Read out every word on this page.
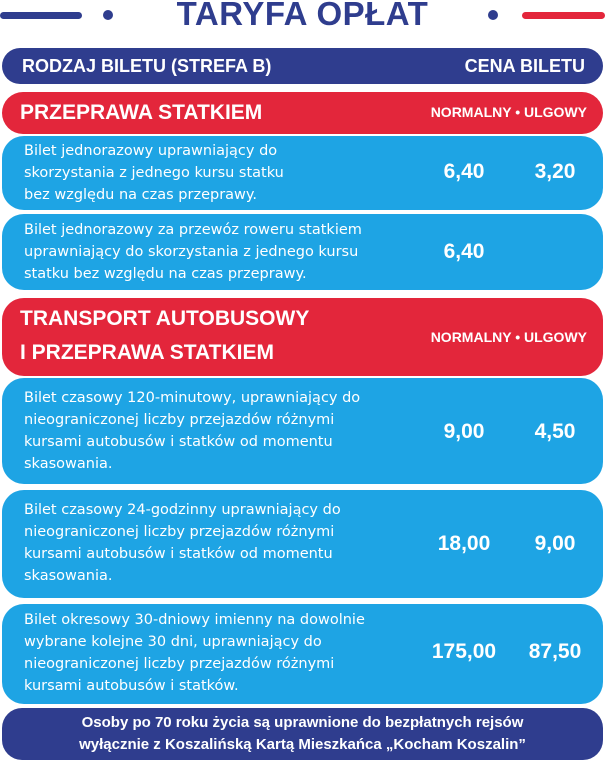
TARYFA OPŁAT
RODZAJ BILETU (STREFA B)	CENA BILETU
PRZEPRAWA STATKIEM	NORMALNY • ULGOWY
Bilet jednorazowy uprawniający do
skorzystania z jednego kursu statku
bez względu na czas przeprawy.
6,40	3,20
Bilet jednorazowy za przewóz roweru statkiem
uprawniający do skorzystania z jednego kursu
statku bez względu na czas przeprawy.
6,40
TRANSPORT AUTOBUSOWY
I PRZEPRAWA STATKIEM
NORMALNY • ULGOWY
Bilet czasowy 120-minutowy, uprawniający do
nieograniczonej liczby przejazdów różnymi
kursami autobusów i statków od momentu
skasowania.
9,00	4,50
Bilet czasowy 24-godzinny uprawniający do
nieograniczonej liczby przejazdów różnymi
kursami autobusów i statków od momentu
skasowania.
18,00	9,00
Bilet okresowy 30-dniowy imienny na dowolnie
wybrane kolejne 30 dni, uprawniający do
nieograniczonej liczby przejazdów różnymi
kursami autobusów i statków.
175,00	87,50
Osoby po 70 roku życia są uprawnione do bezpłatnych rejsów
wyłącznie z Koszalińską Kartą Mieszkańca „Kocham Koszalin”
